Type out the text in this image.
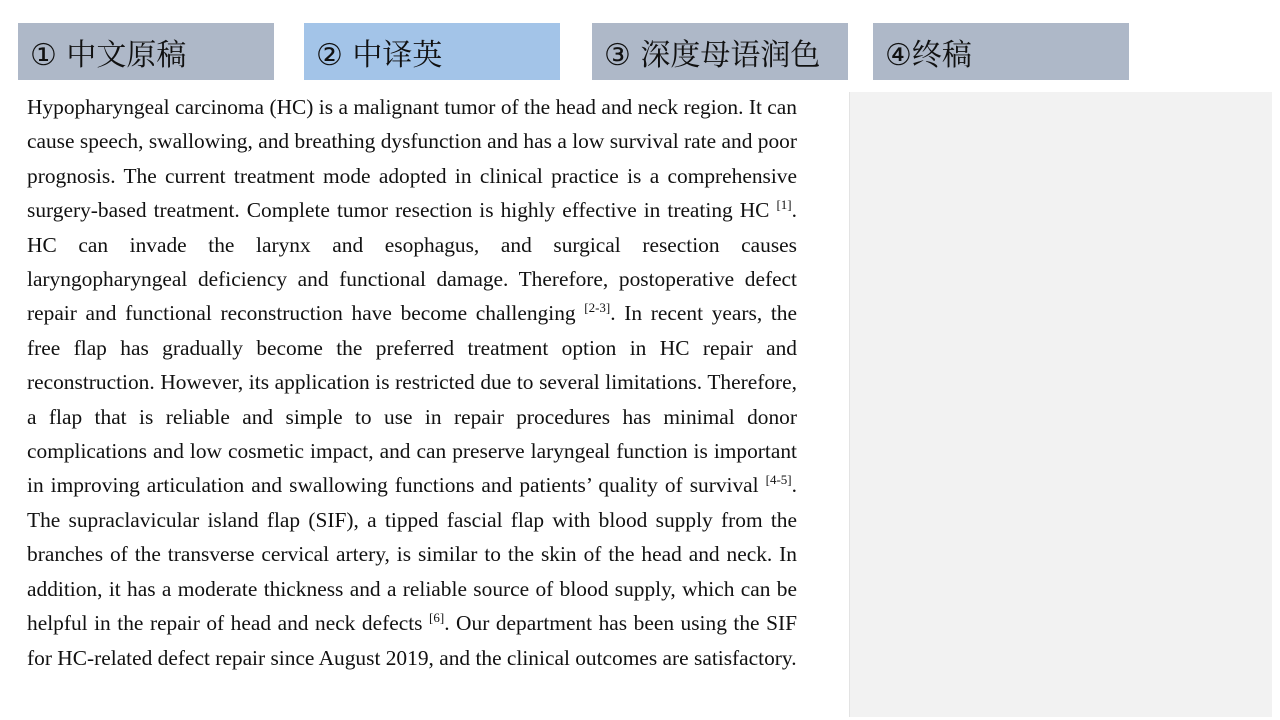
① 中文原稿	② 中译英	③ 深度母语润色 ④终稿
Hypopharyngeal carcinoma (HC) is a malignant tumor of the head and neck region. It can cause speech, swallowing, and breathing dysfunction and has a low survival rate and poor prognosis. The current treatment mode adopted in clinical practice is a comprehensive surgery-based treatment. Complete tumor resection is highly effective in treating HC [1]. HC can invade the larynx and esophagus, and surgical resection causes laryngopharyngeal deficiency and functional damage. Therefore, postoperative defect repair and functional reconstruction have become challenging [2-3]. In recent years, the free flap has gradually become the preferred treatment option in HC repair and reconstruction. However, its application is restricted due to several limitations. Therefore, a flap that is reliable and simple to use in repair procedures has minimal donor complications and low cosmetic impact, and can preserve laryngeal function is important in improving articulation and swallowing functions and patients’ quality of survival [4-5]. The supraclavicular island flap (SIF), a tipped fascial flap with blood supply from the branches of the transverse cervical artery, is similar to the skin of the head and neck. In addition, it has a moderate thickness and a reliable source of blood supply, which can be helpful in the repair of head and neck defects [6]. Our department has been using the SIF for HC-related defect repair since August 2019, and the clinical outcomes are satisfactory.
